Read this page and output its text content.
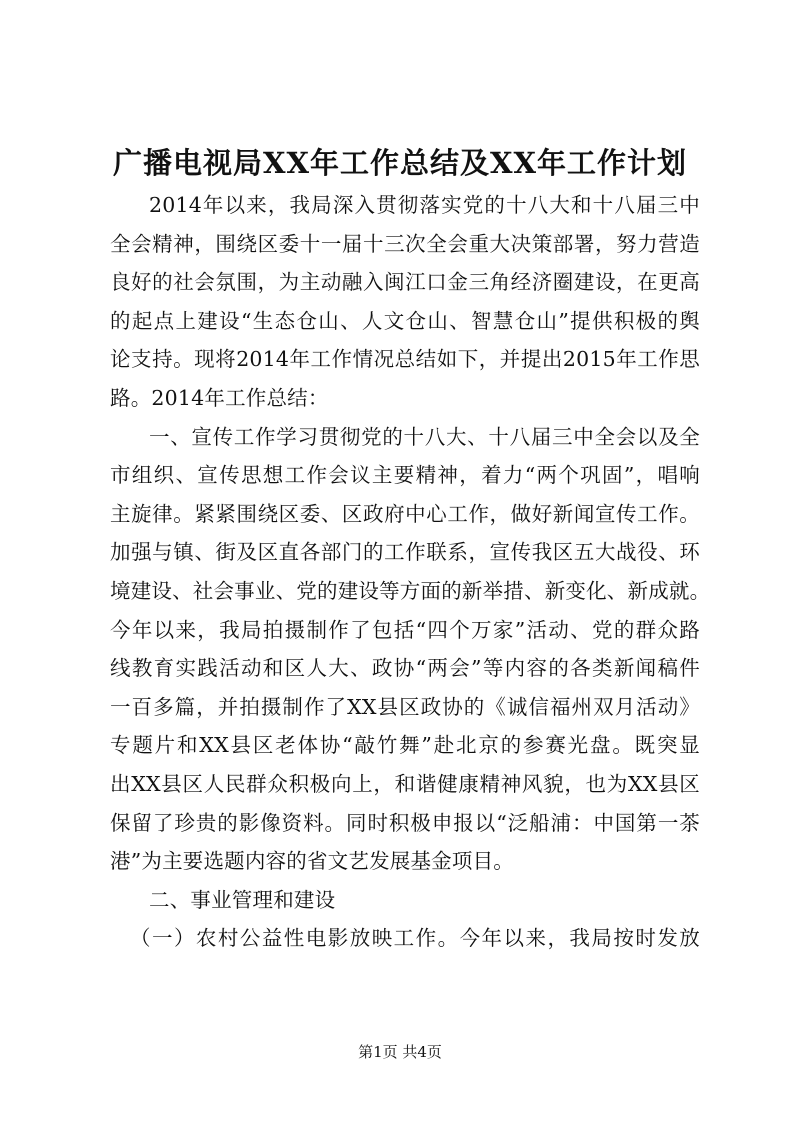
广播电视局XX年工作总结及XX年工作计划
2014年以来，我局深入贯彻落实党的十八大和十八届三中
全会精神，围绕区委十一届十三次全会重大决策部署，努力营造
良好的社会氛围，为主动融入闽江口金三角经济圈建设，在更高
的起点上建设“生态仓山、人文仓山、智慧仓山”提供积极的舆
论支持。现将2014年工作情况总结如下，并提出2015年工作思
路。2014年工作总结：
一、宣传工作学习贯彻党的十八大、十八届三中全会以及全
市组织、宣传思想工作会议主要精神，着力“两个巩固”，唱响
主旋律。紧紧围绕区委、区政府中心工作，做好新闻宣传工作。
加强与镇、街及区直各部门的工作联系，宣传我区五大战役、环
境建设、社会事业、党的建设等方面的新举措、新变化、新成就。
今年以来，我局拍摄制作了包括“四个万家”活动、党的群众路
线教育实践活动和区人大、政协“两会”等内容的各类新闻稿件
一百多篇，并拍摄制作了XX县区政协的《诚信福州双月活动》
专题片和XX县区老体协“敲竹舞”赴北京的参赛光盘。既突显
出XX县区人民群众积极向上，和谐健康精神风貌，也为XX县区
保留了珍贵的影像资料。同时积极申报以“泛船浦：中国第一茶
港”为主要选题内容的省文艺发展基金项目。
二、事业管理和建设
（一）农村公益性电影放映工作。今年以来，我局按时发放
第1页 共4页
